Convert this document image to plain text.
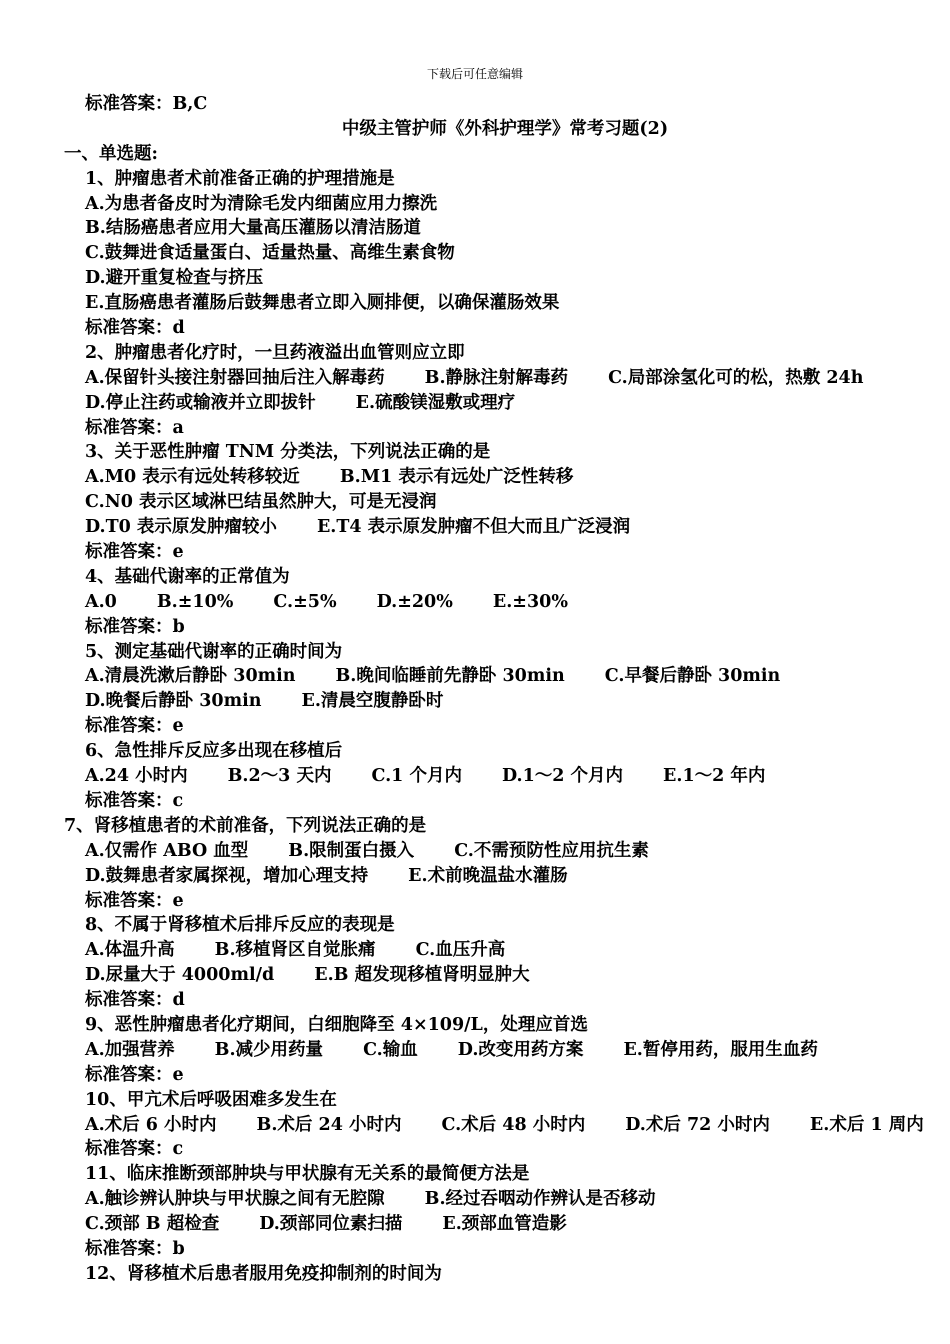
下载后可任意编辑
标准答案：B,C
中级主管护师《外科护理学》常考习题(2)
一、单选题:
1、肿瘤患者术前准备正确的护理措施是
A.为患者备皮时为清除毛发内细菌应用力擦洗
B.结肠癌患者应用大量高压灌肠以清洁肠道
C.鼓舞进食适量蛋白、适量热量、高维生素食物
D.避开重复检查与挤压
E.直肠癌患者灌肠后鼓舞患者立即入厕排便，以确保灌肠效果
标准答案：d
2、肿瘤患者化疗时，一旦药液溢出血管则应立即
A.保留针头接注射器回抽后注入解毒药 B.静脉注射解毒药 C.局部涂氢化可的松，热敷 24h
D.停止注药或输液并立即拔针 E.硫酸镁湿敷或理疗
标准答案：a
3、关于恶性肿瘤 TNM 分类法，下列说法正确的是
A.M0 表示有远处转移较近 B.M1 表示有远处广泛性转移
C.N0 表示区域淋巴结虽然肿大，可是无浸润
D.T0 表示原发肿瘤较小 E.T4 表示原发肿瘤不但大而且广泛浸润
标准答案：e
4、基础代谢率的正常值为
A.0 B.±10% C.±5% D.±20% E.±30%
标准答案：b
5、测定基础代谢率的正确时间为
A.清晨洗漱后静卧 30min B.晚间临睡前先静卧 30min C.早餐后静卧 30min
D.晚餐后静卧 30min E.清晨空腹静卧时
标准答案：e
6、急性排斥反应多出现在移植后
A.24 小时内 B.2～3 天内 C.1 个月内 D.1～2 个月内 E.1～2 年内
标准答案：c
7、肾移植患者的术前准备，下列说法正确的是
A.仅需作 ABO 血型 B.限制蛋白摄入 C.不需预防性应用抗生素
D.鼓舞患者家属探视，增加心理支持 E.术前晚温盐水灌肠
标准答案：e
8、不属于肾移植术后排斥反应的表现是
A.体温升高 B.移植肾区自觉胀痛 C.血压升高
D.尿量大于 4000ml/d E.B 超发现移植肾明显肿大
标准答案：d
9、恶性肿瘤患者化疗期间，白细胞降至 4×109/L，处理应首选
A.加强营养 B.减少用药量 C.输血 D.改变用药方案 E.暂停用药，服用生血药
标准答案：e
10、甲亢术后呼吸困难多发生在
A.术后 6 小时内 B.术后 24 小时内 C.术后 48 小时内 D.术后 72 小时内 E.术后 1 周内
标准答案：c
11、临床推断颈部肿块与甲状腺有无关系的最简便方法是
A.触诊辨认肿块与甲状腺之间有无腔隙 B.经过吞咽动作辨认是否移动
C.颈部 B 超检查 D.颈部同位素扫描 E.颈部血管造影
标准答案：b
12、肾移植术后患者服用免疫抑制剂的时间为
